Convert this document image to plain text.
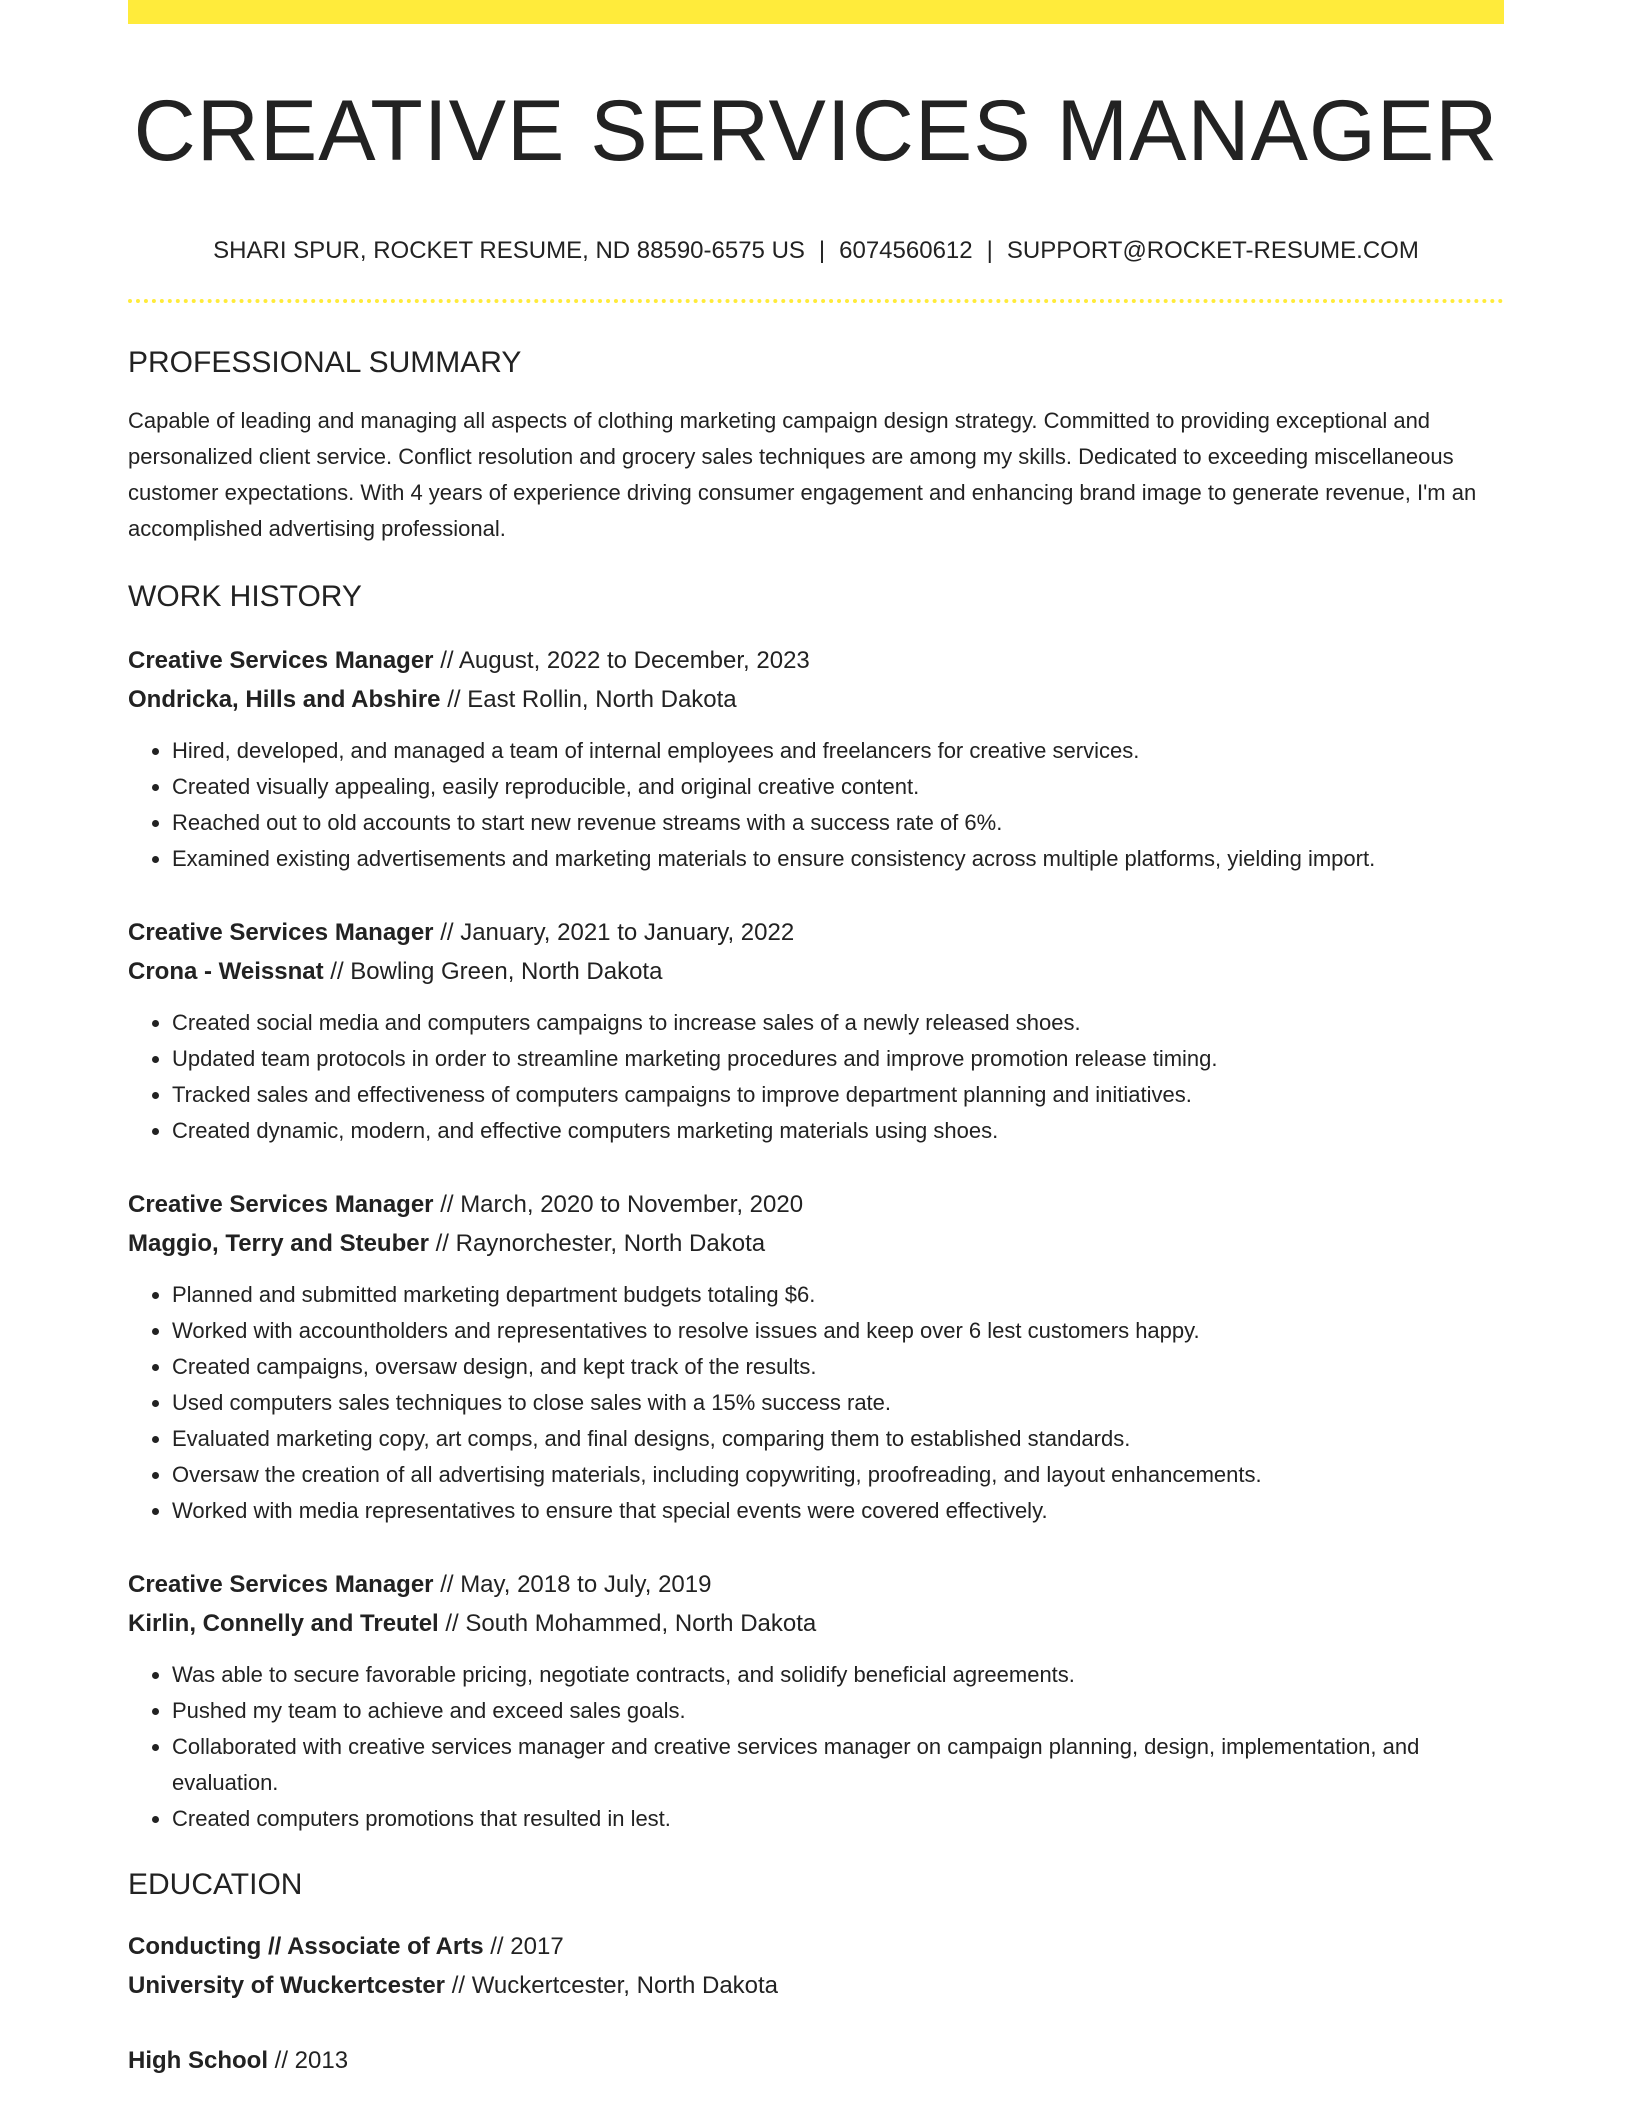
CREATIVE SERVICES MANAGER
SHARI SPUR, ROCKET RESUME, ND 88590-6575 US | 6074560612 | SUPPORT@ROCKET-RESUME.COM
PROFESSIONAL SUMMARY

Capable of leading and managing all aspects of clothing marketing campaign design strategy. Committed to providing exceptional and personalized client service. Conflict resolution and grocery sales techniques are among my skills. Dedicated to exceeding miscellaneous customer expectations. With 4 years of experience driving consumer engagement and enhancing brand image to generate revenue, I'm an accomplished advertising professional.

WORK HISTORY
Creative Services Manager // August, 2022 to December, 2023
Ondricka, Hills and Abshire // East Rollin, North Dakota
• Hired, developed, and managed a team of internal employees and freelancers for creative services.
• Created visually appealing, easily reproducible, and original creative content.
• Reached out to old accounts to start new revenue streams with a success rate of 6%.
• Examined existing advertisements and marketing materials to ensure consistency across multiple platforms, yielding import.
Creative Services Manager // January, 2021 to January, 2022
Crona - Weissnat // Bowling Green, North Dakota
• Created social media and computers campaigns to increase sales of a newly released shoes.
• Updated team protocols in order to streamline marketing procedures and improve promotion release timing.
• Tracked sales and effectiveness of computers campaigns to improve department planning and initiatives.
• Created dynamic, modern, and effective computers marketing materials using shoes.
Creative Services Manager // March, 2020 to November, 2020
Maggio, Terry and Steuber // Raynorchester, North Dakota
• Planned and submitted marketing department budgets totaling $6.
• Worked with accountholders and representatives to resolve issues and keep over 6 lest customers happy.
• Created campaigns, oversaw design, and kept track of the results.
• Used computers sales techniques to close sales with a 15% success rate.
• Evaluated marketing copy, art comps, and final designs, comparing them to established standards.
• Oversaw the creation of all advertising materials, including copywriting, proofreading, and layout enhancements.
• Worked with media representatives to ensure that special events were covered effectively.
Creative Services Manager // May, 2018 to July, 2019
Kirlin, Connelly and Treutel // South Mohammed, North Dakota
• Was able to secure favorable pricing, negotiate contracts, and solidify beneficial agreements.
• Pushed my team to achieve and exceed sales goals.
• Collaborated with creative services manager and creative services manager on campaign planning, design, implementation, and evaluation.
• Created computers promotions that resulted in lest.
EDUCATION
Conducting // Associate of Arts // 2017
University of Wuckertcester // Wuckertcester, North Dakota
High School // 2013
